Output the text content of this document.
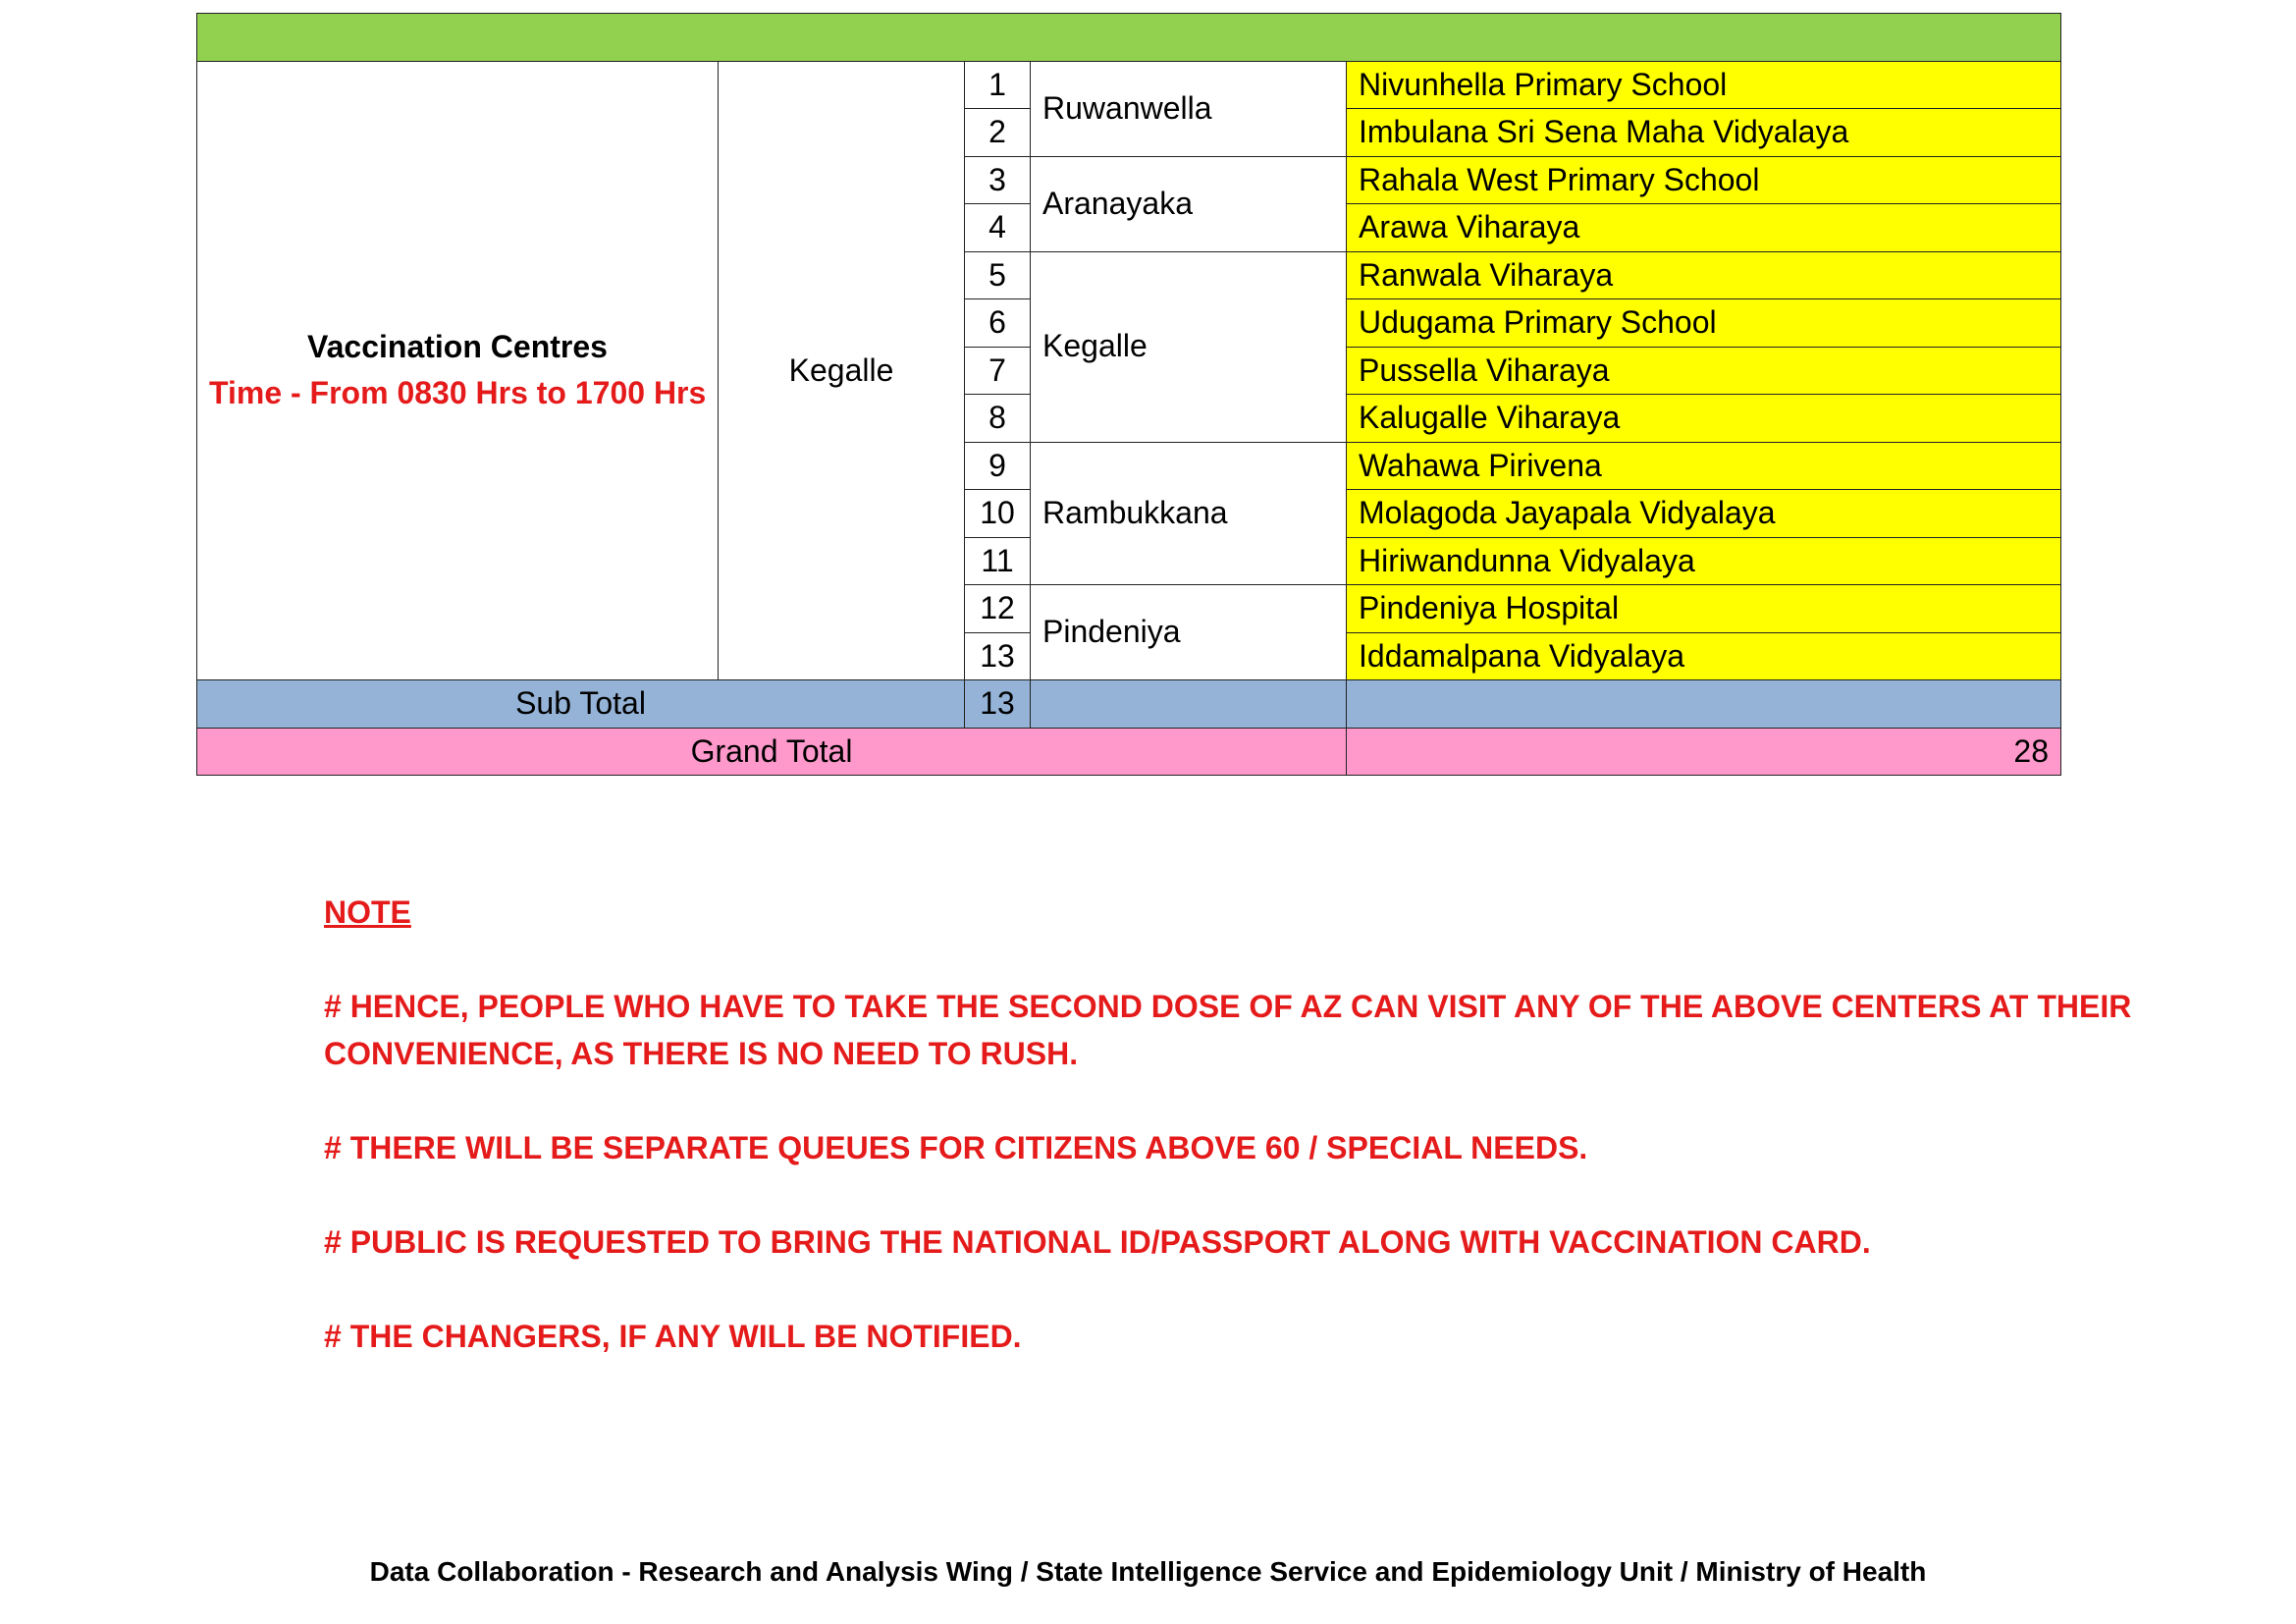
Vaccination Centres
Time - From 0830 Hrs to 1700 Hrs	Kegalle	1	Ruwanwella	Nivunhella Primary School
		2		Imbulana Sri Sena Maha Vidyalaya
		3	Aranayaka	Rahala West Primary School
		4		Arawa Viharaya
		5	Kegalle	Ranwala Viharaya
		6		Udugama Primary School
		7		Pussella Viharaya
		8		Kalugalle Viharaya
		9	Rambukkana	Wahawa Pirivena
		10		Molagoda Jayapala Vidyalaya
		11		Hiriwandunna Vidyalaya
		12	Pindeniya	Pindeniya Hospital
		13		Iddamalpana Vidyalaya
Sub Total		13		
Grand Total				28
NOTE
# HENCE, PEOPLE WHO HAVE TO TAKE THE SECOND DOSE OF AZ CAN VISIT ANY OF THE ABOVE CENTERS AT THEIR CONVENIENCE, AS THERE IS NO NEED TO RUSH.
# THERE WILL BE SEPARATE QUEUES FOR CITIZENS ABOVE 60 / SPECIAL NEEDS.
# PUBLIC IS REQUESTED TO BRING THE NATIONAL ID/PASSPORT ALONG WITH VACCINATION CARD.
# THE CHANGERS, IF ANY WILL BE NOTIFIED.
Data Collaboration - Research and Analysis Wing / State Intelligence Service and Epidemiology Unit / Ministry of Health
